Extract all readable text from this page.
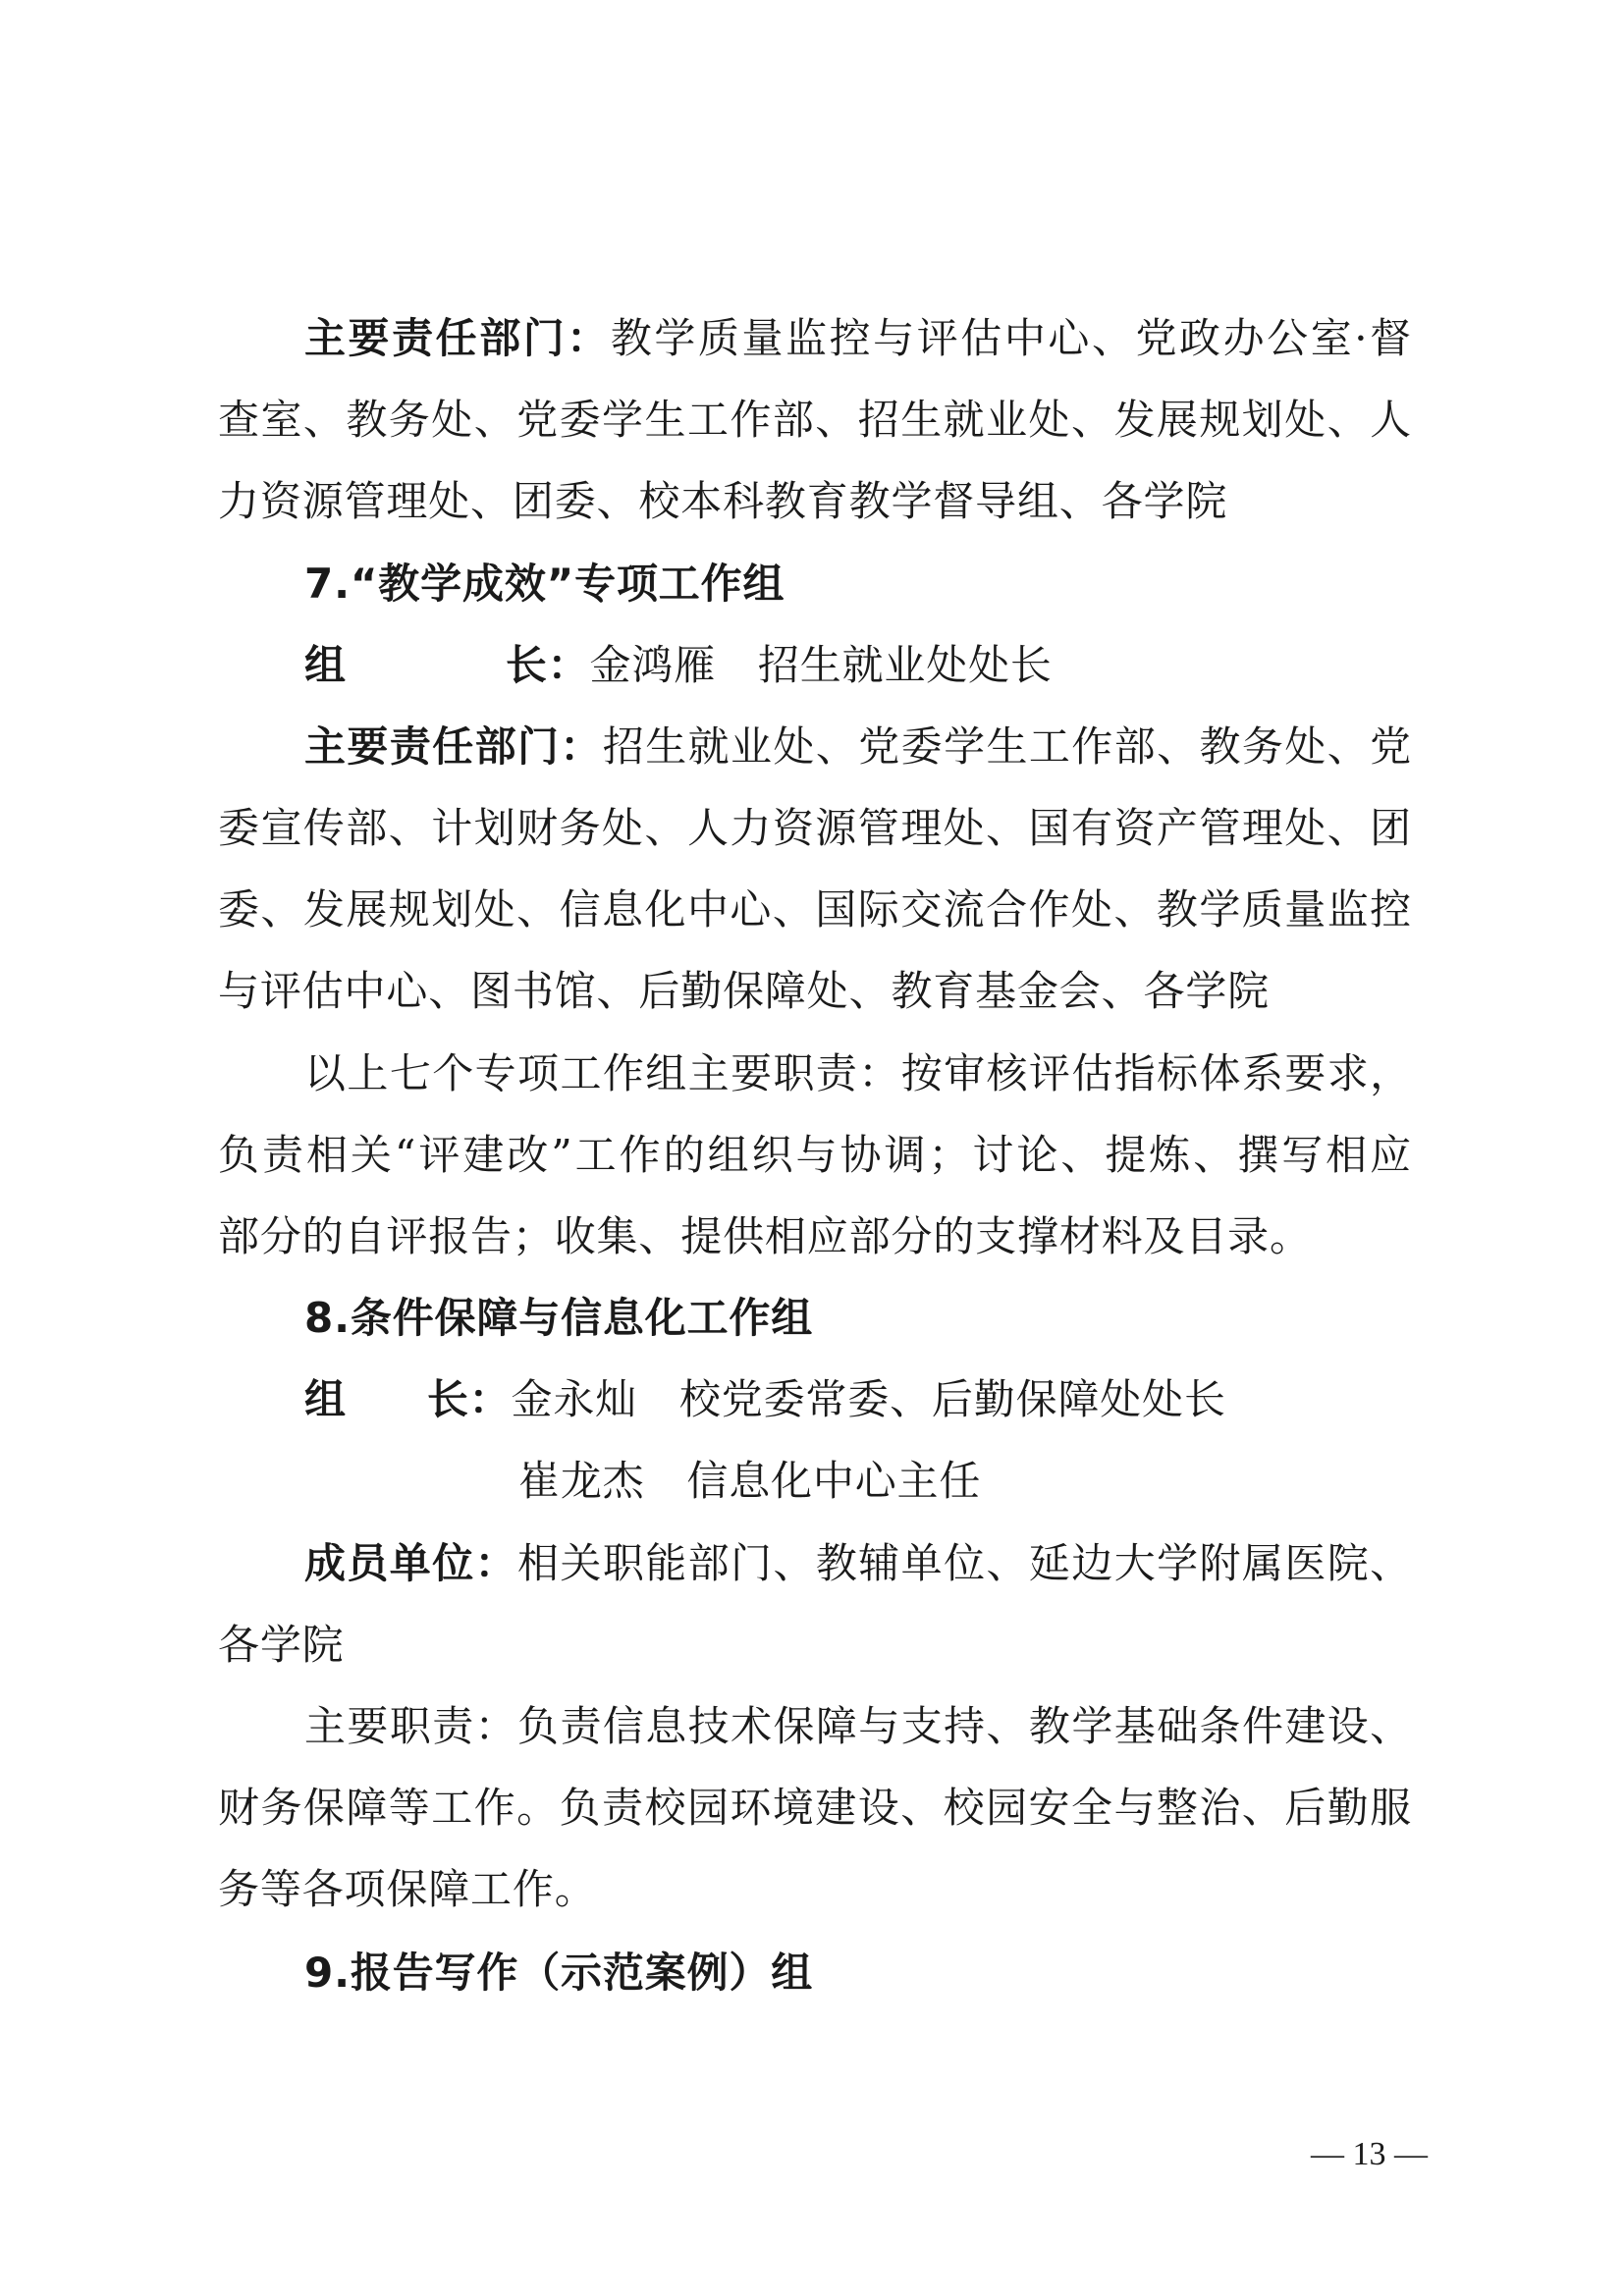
主要责任部门：教学质量监控与评估中心、党政办公室·督
查室、教务处、党委学生工作部、招生就业处、发展规划处、人
力资源管理处、团委、校本科教育教学督导组、各学院
7.“教学成效”专项工作组
组	长：金鸿雁　招生就业处处长
主要责任部门：招生就业处、党委学生工作部、教务处、党
委宣传部、计划财务处、人力资源管理处、国有资产管理处、团
委、发展规划处、信息化中心、国际交流合作处、教学质量监控
与评估中心、图书馆、后勤保障处、教育基金会、各学院
以上七个专项工作组主要职责：按审核评估指标体系要求，
负责相关“评建改”工作的组织与协调；讨论、提炼、撰写相应
部分的自评报告；收集、提供相应部分的支撑材料及目录。
8.条件保障与信息化工作组
组 长：金永灿　校党委常委、后勤保障处处长
崔龙杰　信息化中心主任
成员单位：相关职能部门、教辅单位、延边大学附属医院、
各学院
主要职责：负责信息技术保障与支持、教学基础条件建设、
财务保障等工作。负责校园环境建设、校园安全与整治、后勤服
务等各项保障工作。
9.报告写作（示范案例）组
— 13 —
